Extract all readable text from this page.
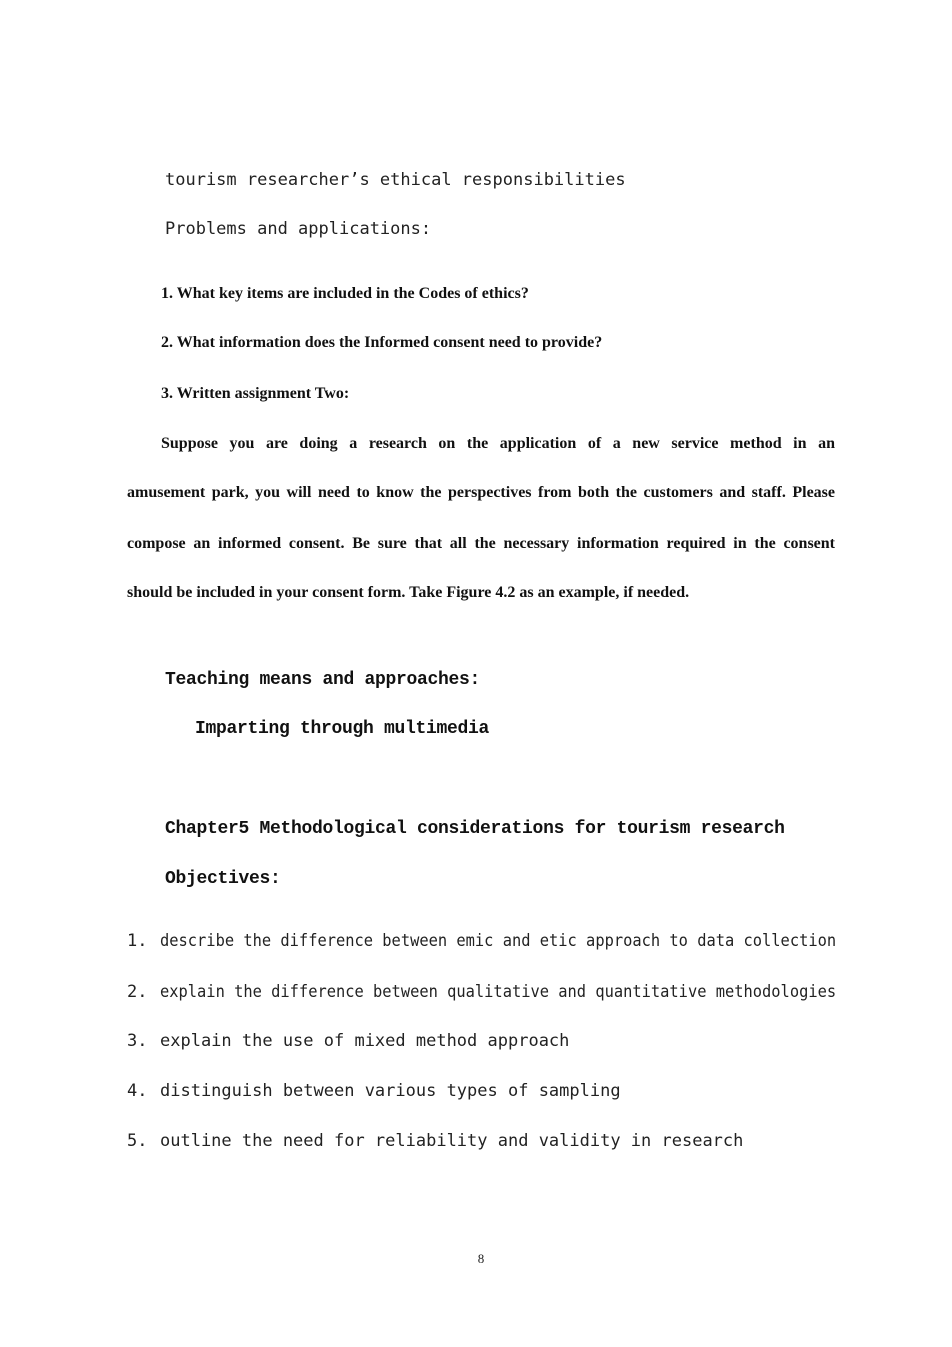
tourism researcher’s ethical responsibilities
Problems and applications:
1. What key items are included in the Codes of ethics?
2. What information does the Informed consent need to provide?
3. Written assignment Two:
Suppose you are doing a research on the application of a new service method in an
amusement park, you will need to know the perspectives from both the customers and staff. Please
compose an informed consent. Be sure that all the necessary information required in the consent
should be included in your consent form. Take Figure 4.2 as an example, if needed.
Teaching means and approaches:
Imparting through multimedia
Chapter5 Methodological considerations for tourism research
Objectives:
1. describe the difference between emic and etic approach to data collection
2. explain the difference between qualitative and quantitative methodologies
3. explain the use of mixed method approach
4. distinguish between various types of sampling
5. outline the need for reliability and validity in research
8
